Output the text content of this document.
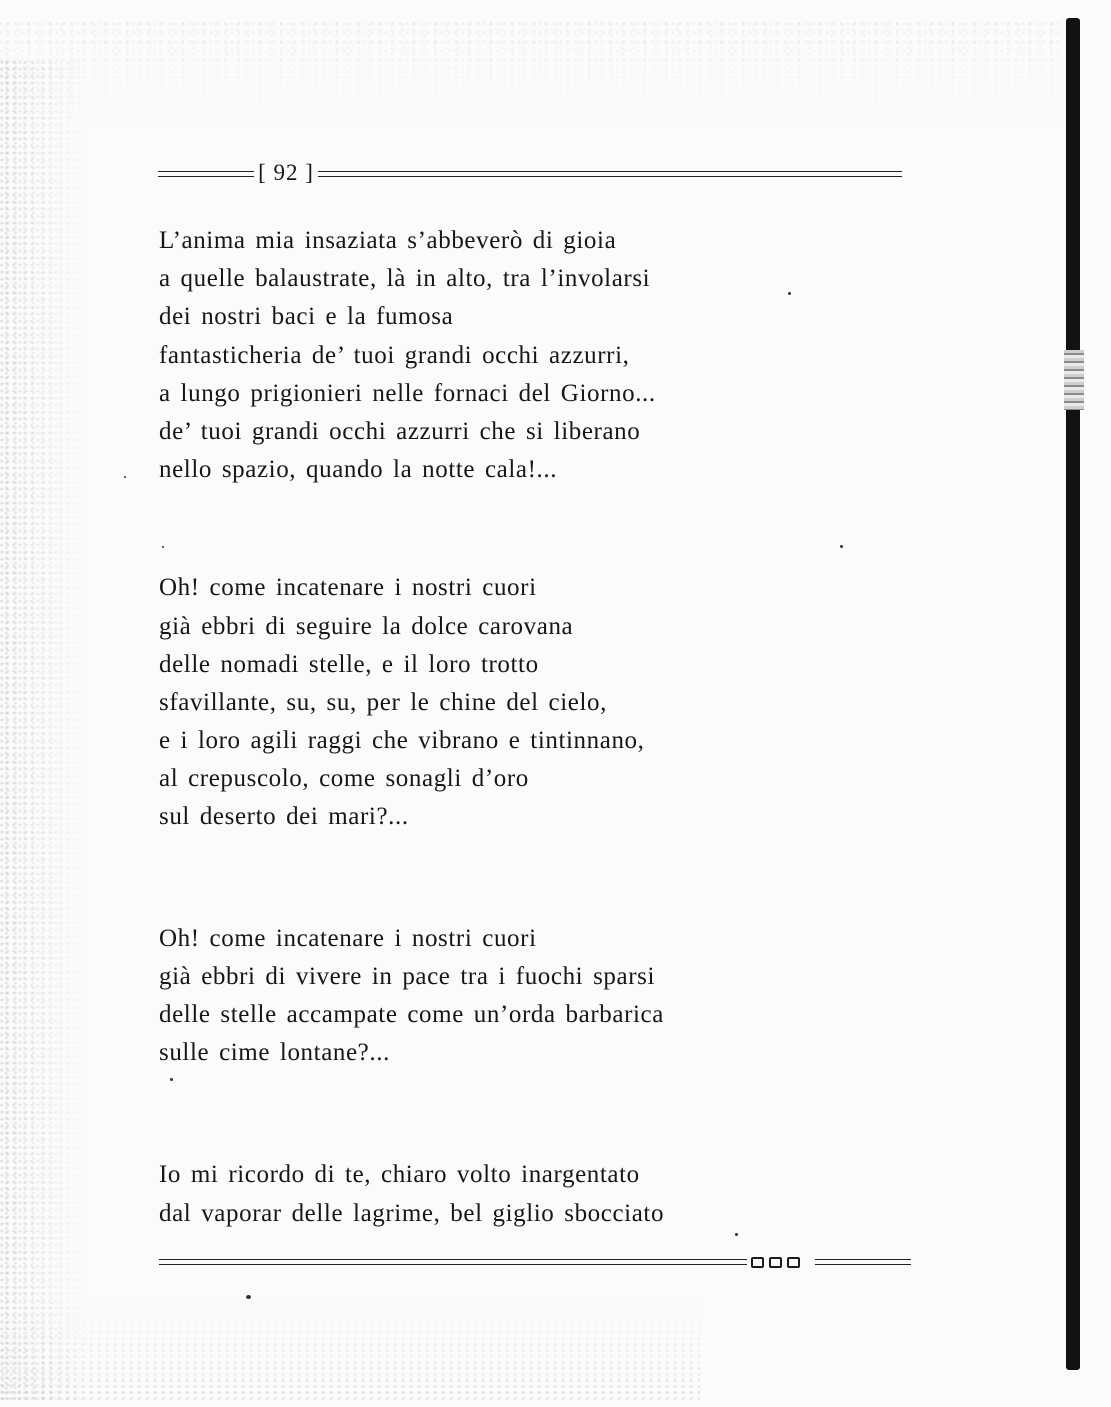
[ 92 ]
L’anima mia insaziata s’abbeverò di gioia
a quelle balaustrate, là in alto, tra l’involarsi
dei nostri baci e la fumosa
fantasticheria de’ tuoi grandi occhi azzurri,
a lungo prigionieri nelle fornaci del Giorno...
de’ tuoi grandi occhi azzurri che si liberano
nello spazio, quando la notte cala!...
Oh! come incatenare i nostri cuori
già ebbri di seguire la dolce carovana
delle nomadi stelle, e il loro trotto
sfavillante, su, su, per le chine del cielo,
e i loro agili raggi che vibrano e tintinnano,
al crepuscolo, come sonagli d’oro
sul deserto dei mari?...
Oh! come incatenare i nostri cuori
già ebbri di vivere in pace tra i fuochi sparsi
delle stelle accampate come un’orda barbarica
sulle cime lontane?...
Io mi ricordo di te, chiaro volto inargentato
dal vaporar delle lagrime, bel giglio sbocciato
